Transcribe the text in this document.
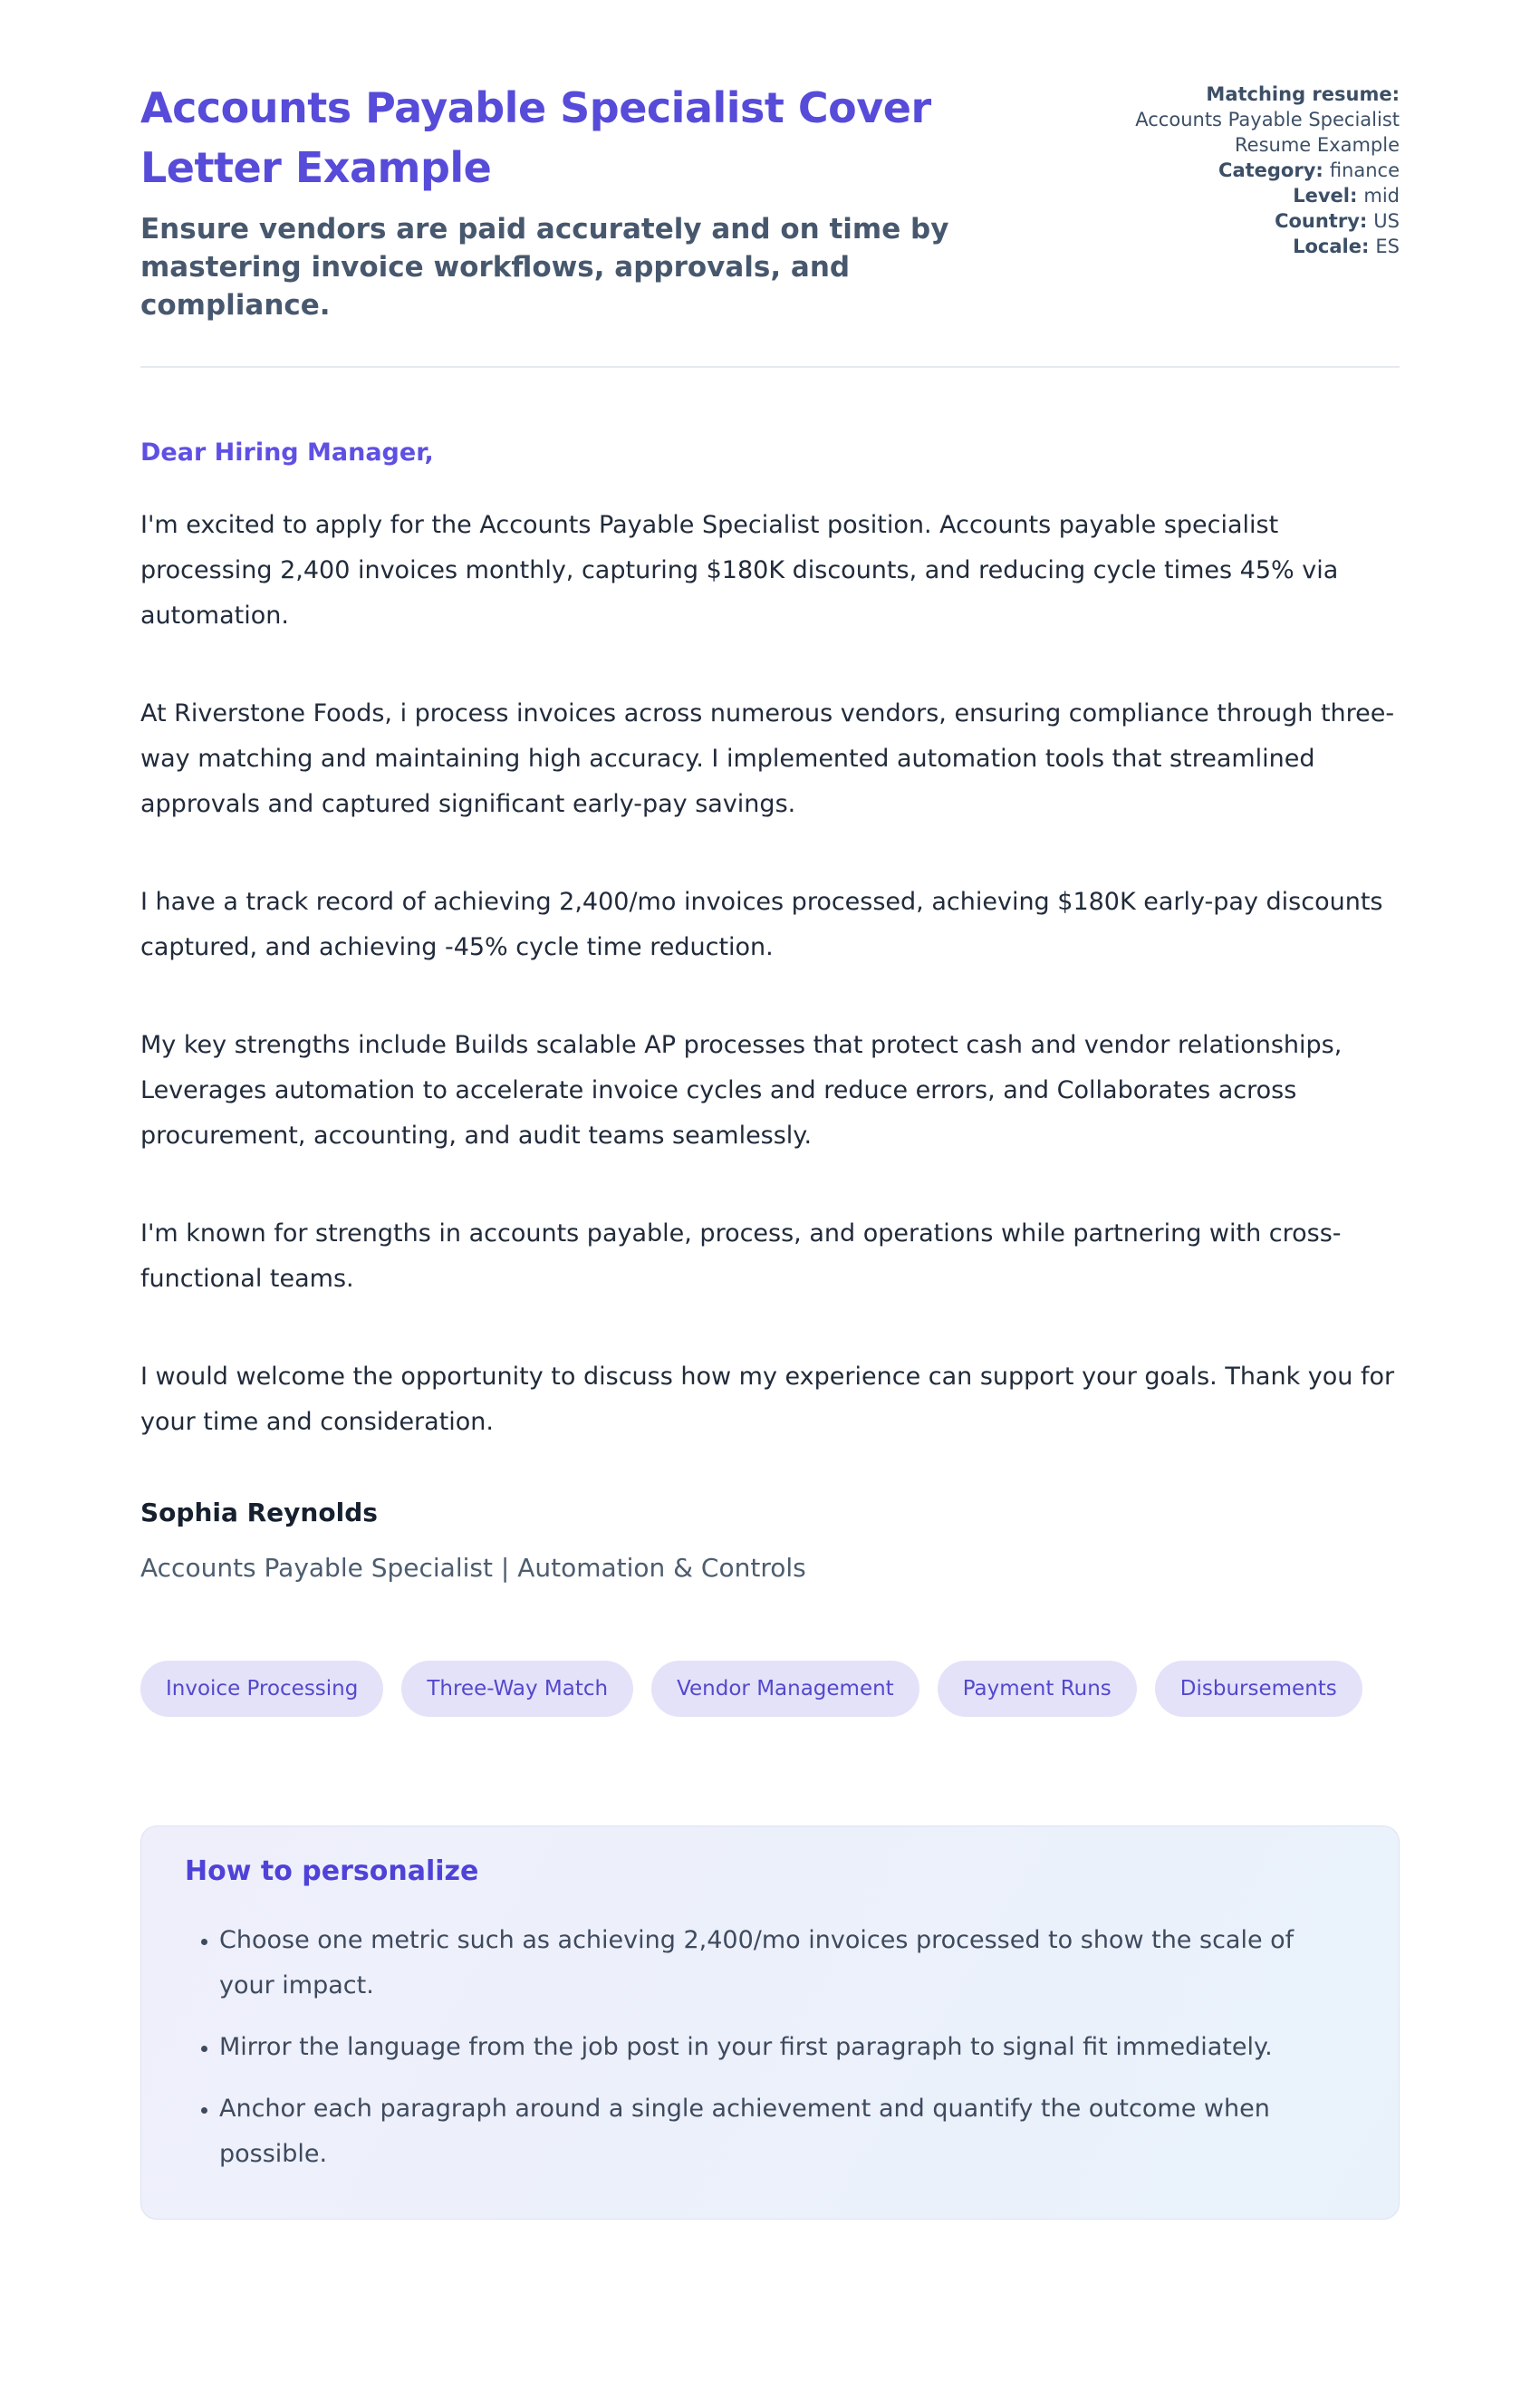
Accounts Payable Specialist Cover Letter Example

Ensure vendors are paid accurately and on time by mastering invoice workflows, approvals, and compliance.

Matching resume:
Accounts Payable Specialist Resume Example
Category: finance
Level: mid
Country: US
Locale: ES

Dear Hiring Manager,

I'm excited to apply for the Accounts Payable Specialist position. Accounts payable specialist processing 2,400 invoices monthly, capturing $180K discounts, and reducing cycle times 45% via automation.

At Riverstone Foods, i process invoices across numerous vendors, ensuring compliance through three-way matching and maintaining high accuracy. I implemented automation tools that streamlined approvals and captured significant early-pay savings.

I have a track record of achieving 2,400/mo invoices processed, achieving $180K early-pay discounts captured, and achieving -45% cycle time reduction.

My key strengths include Builds scalable AP processes that protect cash and vendor relationships, Leverages automation to accelerate invoice cycles and reduce errors, and Collaborates across procurement, accounting, and audit teams seamlessly.

I'm known for strengths in accounts payable, process, and operations while partnering with cross-functional teams.

I would welcome the opportunity to discuss how my experience can support your goals. Thank you for your time and consideration.

Sophia Reynolds

Accounts Payable Specialist | Automation & Controls

Invoice Processing	Three-Way Match	Vendor Management	Payment Runs	Disbursements

How to personalize

• Choose one metric such as achieving 2,400/mo invoices processed to show the scale of your impact.
• Mirror the language from the job post in your first paragraph to signal fit immediately.
• Anchor each paragraph around a single achievement and quantify the outcome when possible.
